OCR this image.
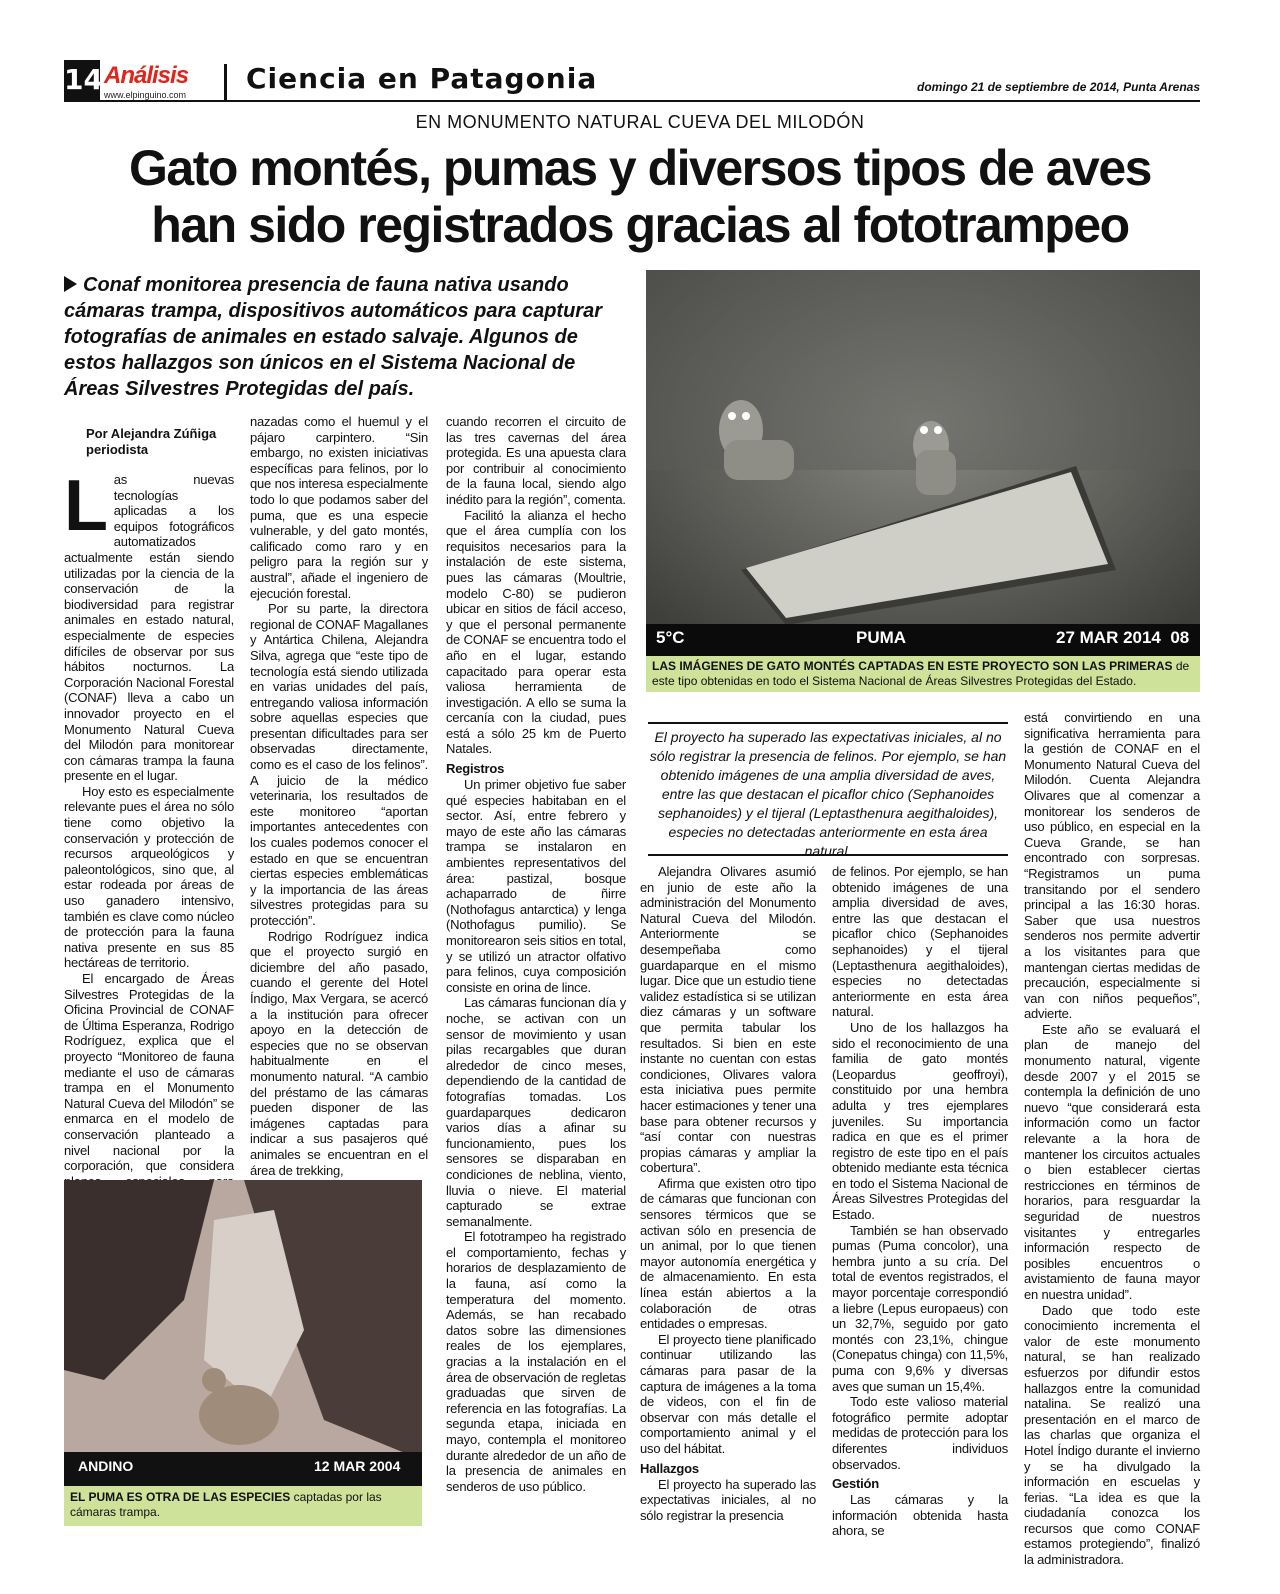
14 Análisis
www.elpinguino.com Ciencia en Patagonia	domingo 21 de septiembre de 2014, Punta Arenas
EN MONUMENTO NATURAL CUEVA DEL MILODÓN
Gato montés, pumas y diversos tipos de aves
han sido registrados gracias al fototrampeo
Conaf monitorea presencia de fauna nativa usando cámaras trampa, dispositivos automáticos para capturar fotografías de animales en estado salvaje. Algunos de estos hallazgos son únicos en el Sistema Nacional de Áreas Silvestres Protegidas del país.
5°C	PUMA	27 MAR 2014  08
LAS IMÁGENES DE GATO MONTÉS CAPTADAS EN ESTE PROYECTO SON LAS PRIMERAS de este tipo obtenidas en todo el Sistema Nacional de Áreas Silvestres Protegidas del Estado.
El proyecto ha superado las expectativas iniciales, al no sólo registrar la presencia de felinos. Por ejemplo, se han obtenido imágenes de una amplia diversidad de aves, entre las que destacan el picaflor chico (Sephanoides sephanoides) y el tijeral (Leptasthenura aegithaloides), especies no detectadas anteriormente en esta área natural.
Por Alejandra Zúñiga
periodista
L as nuevas tecnologías aplicadas a los equipos fotográficos automatizados actualmente están siendo utilizadas por la ciencia de la conservación de la biodiversidad para registrar animales en estado natural, especialmente de especies difíciles de observar por sus hábitos nocturnos. La Corporación Nacional Forestal (CONAF) lleva a cabo un innovador proyecto en el Monumento Natural Cueva del Milodón para monitorear con cámaras trampa la fauna presente en el lugar.

Hoy esto es especialmente relevante pues el área no sólo tiene como objetivo la conservación y protección de recursos arqueológicos y paleontológicos, sino que, al estar rodeada por áreas de uso ganadero intensivo, también es clave como núcleo de protección para la fauna nativa presente en sus 85 hectáreas de territorio.

El encargado de Áreas Silvestres Protegidas de la Oficina Provincial de CONAF de Última Esperanza, Rodrigo Rodríguez, explica que el proyecto “Monitoreo de fauna mediante el uso de cámaras trampa en el Monumento Natural Cueva del Milodón” se enmarca en el modelo de conservación planteado a nivel nacional por la corporación, que considera

nazadas como el huemul y el pájaro carpintero. “Sin embargo, no existen iniciativas específicas para felinos, por lo que nos interesa especialmente todo lo que podamos saber del puma, que es una especie vulnerable, y del gato montés, calificado como raro y en peligro para la región sur y austral”, añade el ingeniero de ejecución forestal.

Por su parte, la directora regional de CONAF Magallanes y Antártica Chilena, Alejandra Silva, agrega que “este tipo de tecnología está siendo utilizada en varias unidades del país, entregando valiosa información sobre aquellas especies que presentan dificultades para ser observadas directamente, como es el caso de los felinos”. A juicio de la médico veterinaria, los resultados de este monitoreo “aportan importantes antecedentes con los cuales podemos conocer el estado en que se encuentran ciertas especies emblemáticas y la importancia de las áreas silvestres protegidas para su protección”.

Rodrigo Rodríguez indica que el proyecto surgió en diciembre del año pasado, cuando el gerente del Hotel Índigo, Max Vergara, se acercó a la institución para ofrecer apoyo en la detección de especies que no se observan habitualmente en el monumento natural. “A cambio del préstamo de las cámaras pueden disponer de las imágenes captadas para indicar a sus pasajeros qué animales se encuentran en el área de trekking,

ANDINO	12 MAR 2004
EL PUMA ES OTRA DE LAS ESPECIES captadas por las cámaras trampa.

cuando recorren el circuito de las tres cavernas del área protegida. Es una apuesta clara por contribuir al conocimiento de la fauna local, siendo algo inédito para la región”, comenta.

Facilitó la alianza el hecho que el área cumplía con los requisitos necesarios para la instalación de este sistema, pues las cámaras (Moultrie, modelo C-80) se pudieron ubicar en sitios de fácil acceso, y que el personal permanente de CONAF se encuentra todo el año en el lugar, estando capacitado para operar esta valiosa herramienta de investigación. A ello se suma la cercanía con la ciudad, pues está a sólo 25 km de Puerto Natales.

Registros

Un primer objetivo fue saber qué especies habitaban en el sector. Así, entre febrero y mayo de este año las cámaras trampa se instalaron en ambientes representativos del área: pastizal, bosque achaparrado de ñirre (Nothofagus antarctica) y lenga (Nothofagus pumilio). Se monitorearon seis sitios en total, y se utilizó un atractor olfativo para felinos, cuya composición consiste en orina de lince.

Las cámaras funcionan día y noche, se activan con un sensor de movimiento y usan pilas recargables que duran alrededor de cinco meses, dependiendo de la cantidad de fotografías tomadas. Los guardaparques dedicaron varios días a afinar su funcionamiento, pues los sensores se disparaban en condiciones de neblina, viento, lluvia o nieve. El material capturado se extrae semanalmente.

El fototrampeo ha registrado el comportamiento, fechas y horarios de desplazamiento de la fauna, así como la temperatura del momento. Además, se han recabado datos sobre las dimensiones reales de los ejemplares, gracias a la instalación en el área de observación de regletas graduadas que sirven de referencia en las fotografías. La segunda etapa, iniciada en mayo, contempla el monitoreo durante alrededor de un año de la presencia de animales en senderos de uso público.

Alejandra Olivares asumió en junio de este año la administración del Monumento Natural Cueva del Milodón. Anteriormente se desempeñaba como guardaparque en el mismo lugar. Dice que un estudio tiene validez estadística si se utilizan diez cámaras y un software que permita tabular los resultados. Si bien en este instante no cuentan con estas condiciones, Olivares valora esta iniciativa pues permite hacer estimaciones y tener una base para obtener recursos y “así contar con nuestras propias cámaras y ampliar la cobertura”.

Afirma que existen otro tipo de cámaras que funcionan con sensores térmicos que se activan sólo en presencia de un animal, por lo que tienen mayor autonomía energética y de almacenamiento. En esta línea están abiertos a la colaboración de otras entidades o empresas.

El proyecto tiene planificado continuar utilizando las cámaras para pasar de la captura de imágenes a la toma de videos, con el fin de observar con más detalle el comportamiento animal y el uso del hábitat.

Hallazgos

El proyecto ha superado las expectativas iniciales, al no sólo registrar la presencia

de felinos. Por ejemplo, se han obtenido imágenes de una amplia diversidad de aves, entre las que destacan el picaflor chico (Sephanoides sephanoides) y el tijeral (Leptasthenura aegithaloides), especies no detectadas anteriormente en esta área natural.

Uno de los hallazgos ha sido el reconocimiento de una familia de gato montés (Leopardus geoffroyi), constituido por una hembra adulta y tres ejemplares juveniles. Su importancia radica en que es el primer registro de este tipo en el país obtenido mediante esta técnica en todo el Sistema Nacional de Áreas Silvestres Protegidas del Estado.

También se han observado pumas (Puma concolor), una hembra junto a su cría. Del total de eventos registrados, el mayor porcentaje correspondió a liebre (Lepus europaeus) con un 32,7%, seguido por gato montés con 23,1%, chingue (Conepatus chinga) con 11,5%, puma con 9,6% y diversas aves que suman un 15,4%.

Todo este valioso material fotográfico permite adoptar medidas de protección para los diferentes individuos observados.

Gestión

Las cámaras y la información obtenida hasta ahora, se

está convirtiendo en una significativa herramienta para la gestión de CONAF en el Monumento Natural Cueva del Milodón. Cuenta Alejandra Olivares que al comenzar a monitorear los senderos de uso público, en especial en la Cueva Grande, se han encontrado con sorpresas. “Registramos un puma transitando por el sendero principal a las 16:30 horas. Saber que usa nuestros senderos nos permite advertir a los visitantes para que mantengan ciertas medidas de precaución, especialmente si van con niños pequeños”, advierte.

Este año se evaluará el plan de manejo del monumento natural, vigente desde 2007 y el 2015 se contempla la definición de uno nuevo “que considerará esta información como un factor relevante a la hora de mantener los circuitos actuales o bien establecer ciertas restricciones en términos de horarios, para resguardar la seguridad de nuestros visitantes y entregarles información respecto de posibles encuentros o avistamiento de fauna mayor en nuestra unidad”.

Dado que todo este conocimiento incrementa el valor de este monumento natural, se han realizado esfuerzos por difundir estos hallazgos entre la comunidad natalina. Se realizó una presentación en el marco de las charlas que organiza el Hotel Índigo durante el invierno y se ha divulgado la información en escuelas y ferias. “La idea es que la ciudadanía conozca los recursos que como CONAF estamos protegiendo”, finalizó la administradora.
